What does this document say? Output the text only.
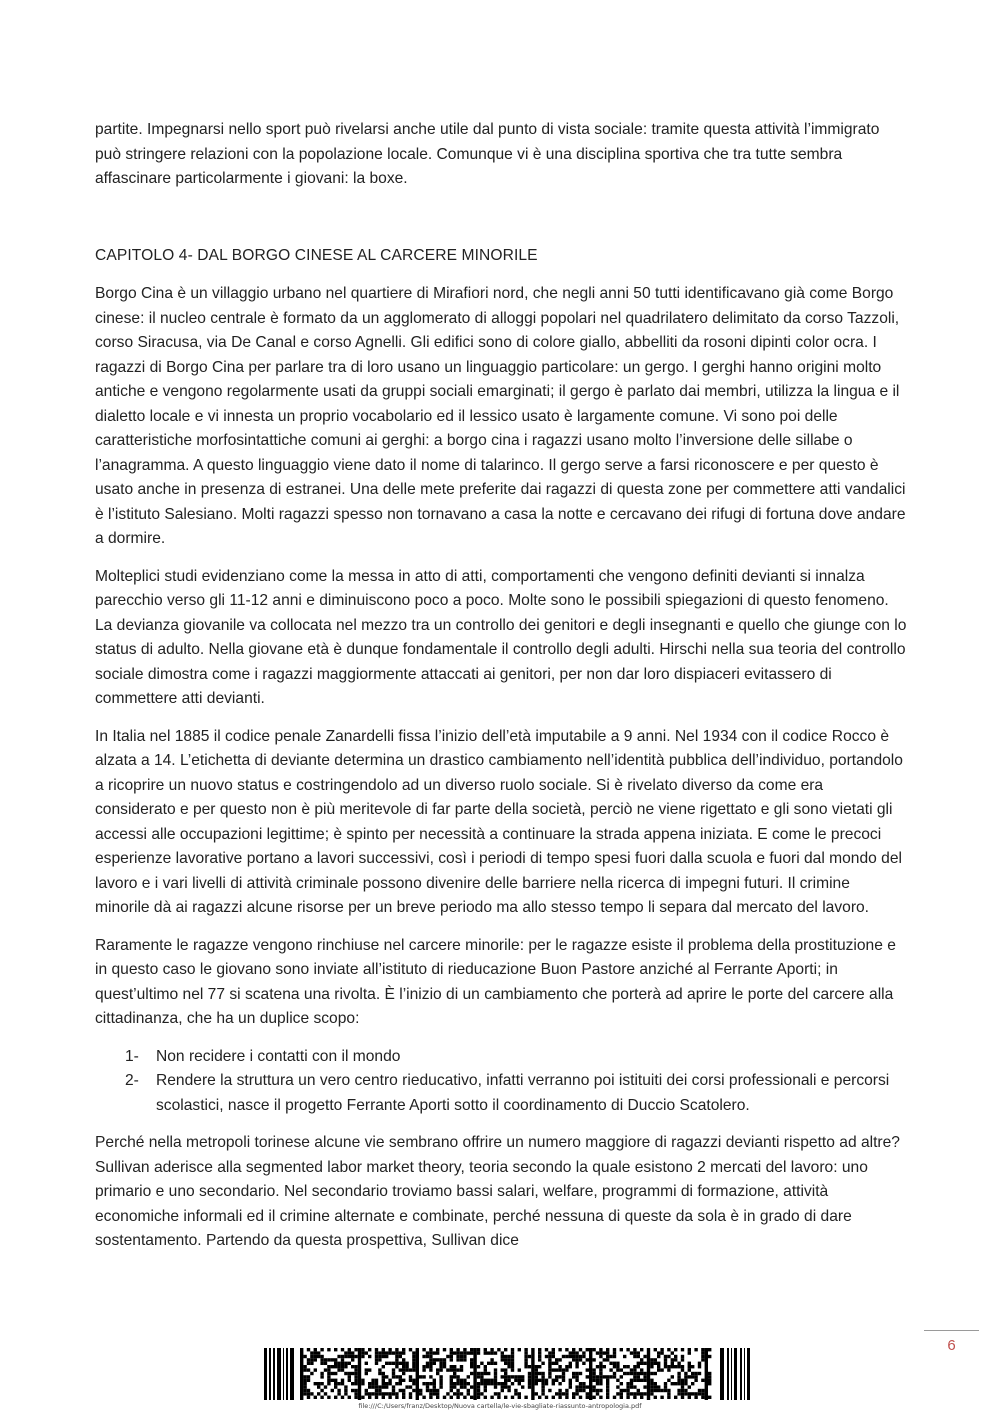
partite. Impegnarsi nello sport può rivelarsi anche utile dal punto di vista sociale: tramite questa attività l’immigrato può stringere relazioni con la popolazione locale. Comunque vi è una disciplina sportiva che tra tutte sembra affascinare particolarmente i giovani: la boxe.

CAPITOLO 4- DAL BORGO CINESE AL CARCERE MINORILE

Borgo Cina è un villaggio urbano nel quartiere di Mirafiori nord, che negli anni 50 tutti identificavano già come Borgo cinese: il nucleo centrale è formato da un agglomerato di alloggi popolari nel quadrilatero delimitato da corso Tazzoli, corso Siracusa, via De Canal e corso Agnelli. Gli edifici sono di colore giallo, abbelliti da rosoni dipinti color ocra. I ragazzi di Borgo Cina per parlare tra di loro usano un linguaggio particolare: un gergo. I gerghi hanno origini molto antiche e vengono regolarmente usati da gruppi sociali emarginati; il gergo è parlato dai membri, utilizza la lingua e il dialetto locale e vi innesta un proprio vocabolario ed il lessico usato è largamente comune. Vi sono poi delle caratteristiche morfosintattiche comuni ai gerghi: a borgo cina i ragazzi usano molto l’inversione delle sillabe o l’anagramma. A questo linguaggio viene dato il nome di talarinco. Il gergo serve a farsi riconoscere e per questo è usato anche in presenza di estranei. Una delle mete preferite dai ragazzi di questa zone per commettere atti vandalici è l’istituto Salesiano. Molti ragazzi spesso non tornavano a casa la notte e cercavano dei rifugi di fortuna dove andare a dormire.

Molteplici studi evidenziano come la messa in atto di atti, comportamenti che vengono definiti devianti si innalza parecchio verso gli 11-12 anni e diminuiscono poco a poco. Molte sono le possibili spiegazioni di questo fenomeno. La devianza giovanile va collocata nel mezzo tra un controllo dei genitori e degli insegnanti e quello che giunge con lo status di adulto. Nella giovane età è dunque fondamentale il controllo degli adulti. Hirschi nella sua teoria del controllo sociale dimostra come i ragazzi maggiormente attaccati ai genitori, per non dar loro dispiaceri evitassero di commettere atti devianti.

In Italia nel 1885 il codice penale Zanardelli fissa l’inizio dell’età imputabile a 9 anni. Nel 1934 con il codice Rocco è alzata a 14. L’etichetta di deviante determina un drastico cambiamento nell’identità pubblica dell’individuo, portandolo a ricoprire un nuovo status e costringendolo ad un diverso ruolo sociale. Si è rivelato diverso da come era considerato e per questo non è più meritevole di far parte della società, perciò ne viene rigettato e gli sono vietati gli accessi alle occupazioni legittime; è spinto per necessità a continuare la strada appena iniziata. E come le precoci esperienze lavorative portano a lavori successivi, così i periodi di tempo spesi fuori dalla scuola e fuori dal mondo del lavoro e i vari livelli di attività criminale possono divenire delle barriere nella ricerca di impegni futuri. Il crimine minorile dà ai ragazzi alcune risorse per un breve periodo ma allo stesso tempo li separa dal mercato del lavoro.

Raramente le ragazze vengono rinchiuse nel carcere minorile: per le ragazze esiste il problema della prostituzione e in questo caso le giovano sono inviate all’istituto di rieducazione Buon Pastore anziché al Ferrante Aporti; in quest’ultimo nel 77 si scatena una rivolta. È l’inizio di un cambiamento che porterà ad aprire le porte del carcere alla cittadinanza, che ha un duplice scopo:

1- Non recidere i contatti con il mondo
2- Rendere la struttura un vero centro rieducativo, infatti verranno poi istituiti dei corsi professionali e percorsi scolastici, nasce il progetto Ferrante Aporti sotto il coordinamento di Duccio Scatolero.

Perché nella metropoli torinese alcune vie sembrano offrire un numero maggiore di ragazzi devianti rispetto ad altre? Sullivan aderisce alla segmented labor market theory, teoria secondo la quale esistono 2 mercati del lavoro: uno primario e uno secondario. Nel secondario troviamo bassi salari, welfare, programmi di formazione, attività economiche informali ed il crimine alternate e combinate, perché nessuna di queste da sola è in grado di dare sostentamento. Partendo da questa prospettiva, Sullivan dice

6
file:///C:/Users/franz/Desktop/Nuova cartella/le-vie-sbagliate-riassunto-antropologia.pdf
